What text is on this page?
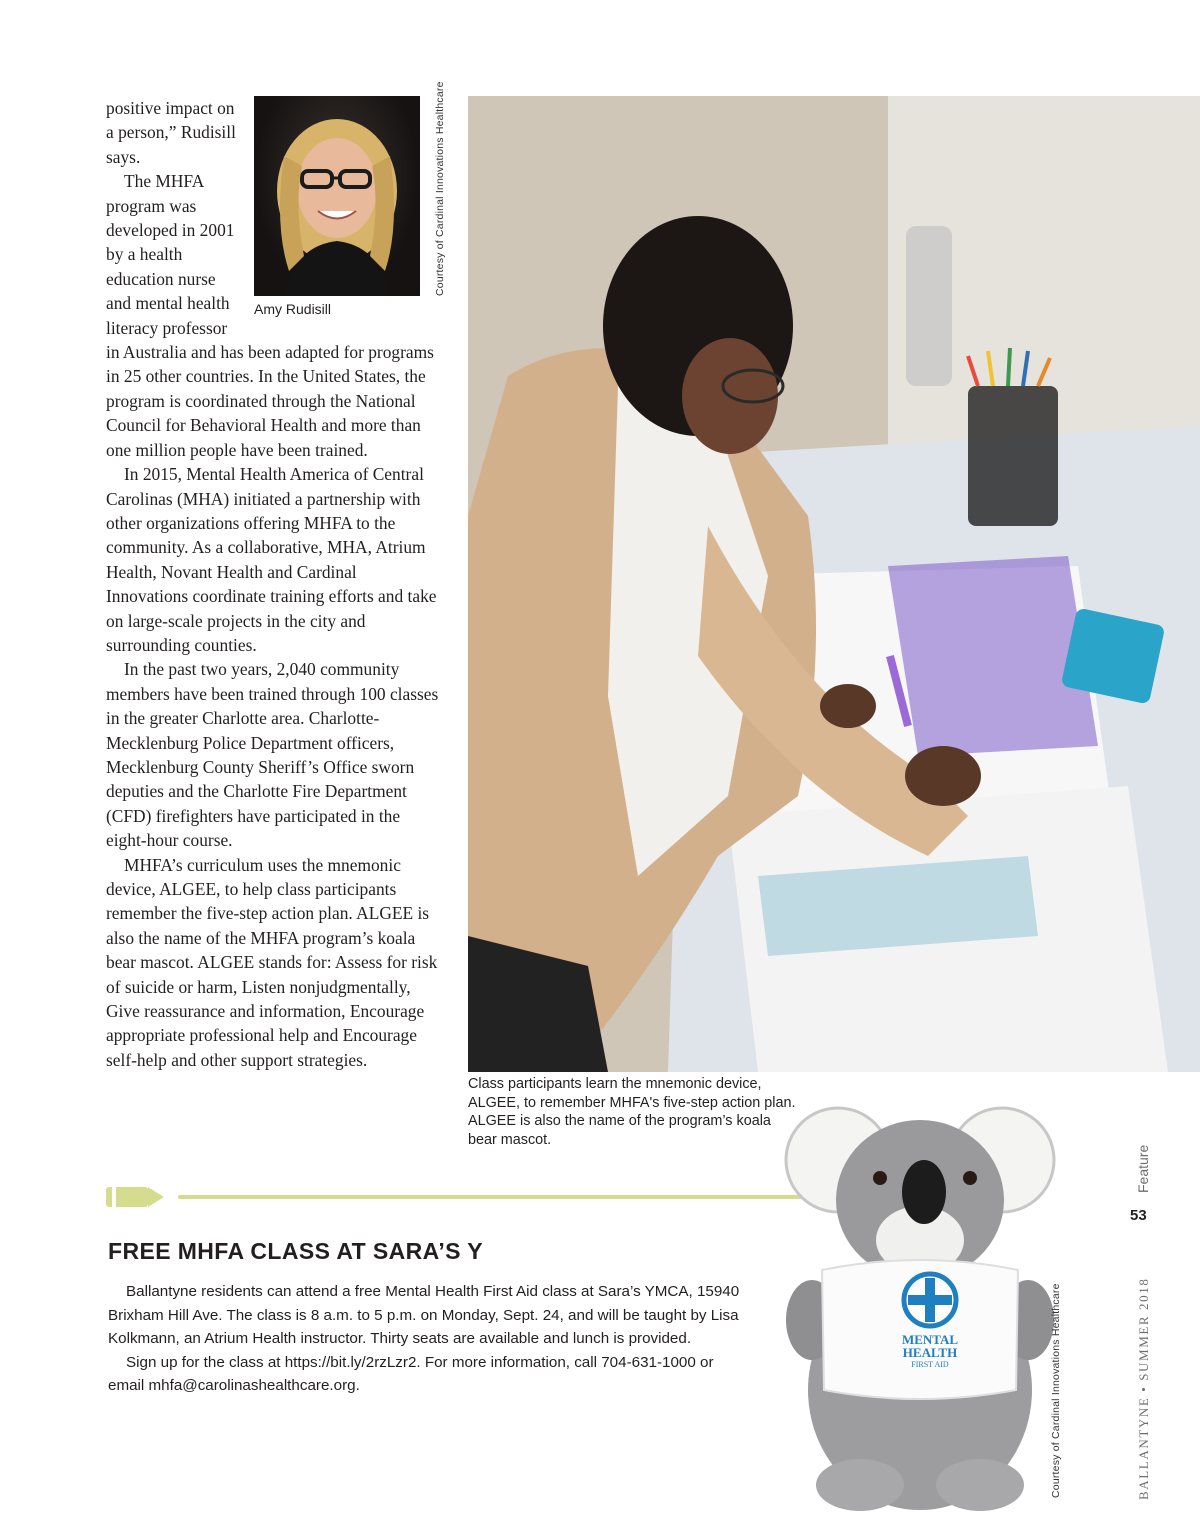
Amy Rudisill
Courtesy of Cardinal Innovations Healthcare

positive impact on a person,” Rudisill says.

The MHFA program was developed in 2001 by a health education nurse and mental health literacy professor in Australia and has been adapted for programs in 25 other countries. In the United States, the program is coordinated through the National Council for Behavioral Health and more than one million people have been trained.

In 2015, Mental Health America of Central Carolinas (MHA) initiated a partnership with other organizations offering MHFA to the community. As a collaborative, MHA, Atrium Health, Novant Health and Cardinal Innovations coordinate training efforts and take on large-scale projects in the city and surrounding counties.

In the past two years, 2,040 community members have been trained through 100 classes in the greater Charlotte area. Charlotte-Mecklenburg Police Department officers, Mecklenburg County Sheriff’s Office sworn deputies and the Charlotte Fire Department (CFD) firefighters have participated in the eight-hour course.

MHFA’s curriculum uses the mnemonic device, ALGEE, to help class participants remember the five-step action plan. ALGEE is also the name of the MHFA program’s koala bear mascot. ALGEE stands for: Assess for risk of suicide or harm, Listen nonjudgmentally, Give reassurance and information, Encourage appropriate professional help and Encourage self-help and other support strategies.

Class participants learn the mnemonic device, ALGEE, to remember MHFA's five-step action plan. ALGEE is also the name of the program’s koala bear mascot.
FREE MHFA CLASS AT SARA’S Y

Ballantyne residents can attend a free Mental Health First Aid class at Sara’s YMCA, 15940 Brixham Hill Ave. The class is 8 a.m. to 5 p.m. on Monday, Sept. 24, and will be taught by Lisa Kolkmann, an Atrium Health instructor. Thirty seats are available and lunch is provided.

Sign up for the class at https://bit.ly/2rzLzr2. For more information, call 704-631-1000 or email mhfa@carolinashealthcare.org.

USA
MENTAL
HEALTH
FIRST AID	Courtesy of Cardinal Innovations Healthcare
Feature
53
BALLANTYNE • SUMMER 2018
